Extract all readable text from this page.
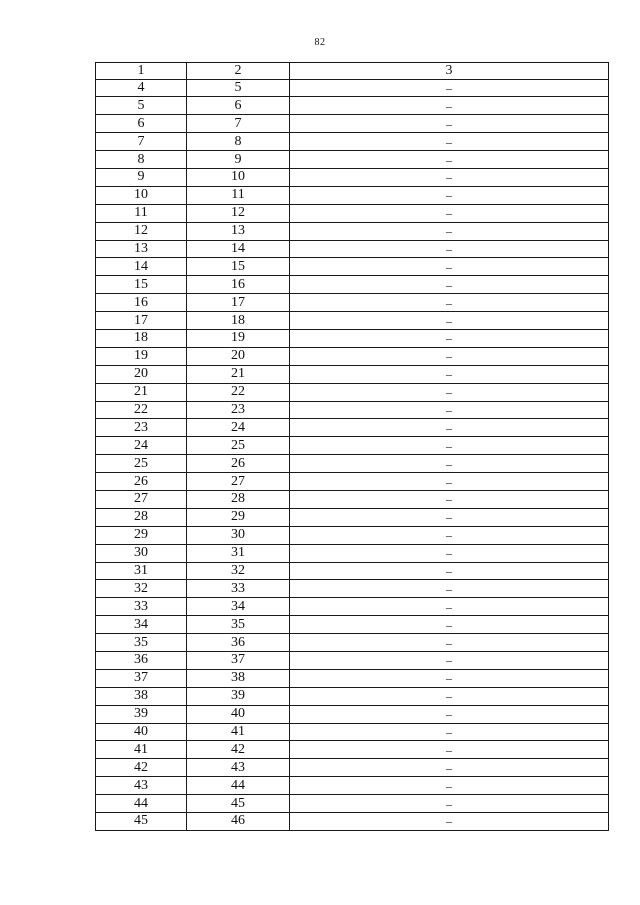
82
1	2	3
4	5	–
5	6	–
6	7	–
7	8	–
8	9	–
9	10	–
10	11	–
11	12	–
12	13	–
13	14	–
14	15	–
15	16	–
16	17	–
17	18	–
18	19	–
19	20	–
20	21	–
21	22	–
22	23	–
23	24	–
24	25	–
25	26	–
26	27	–
27	28	–
28	29	–
29	30	–
30	31	–
31	32	–
32	33	–
33	34	–
34	35	–
35	36	–
36	37	–
37	38	–
38	39	–
39	40	–
40	41	–
41	42	–
42	43	–
43	44	–
44	45	–
45	46	–
